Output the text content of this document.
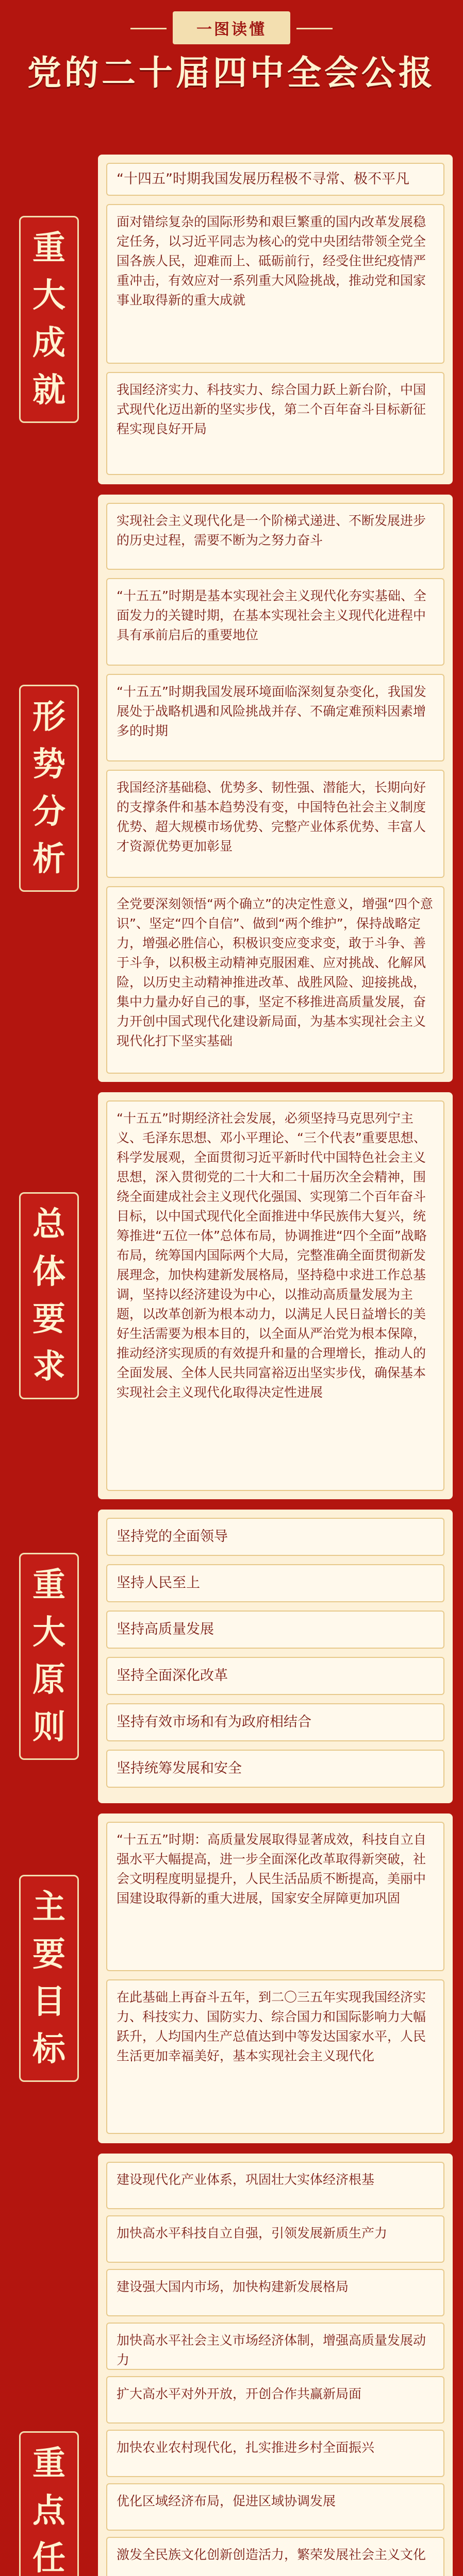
一图读懂
党的二十届四中全会公报
重
大
成
就
“十四五”时期我国发展历程极不寻常、极不平凡
面对错综复杂的国际形势和艰巨繁重的国内改革发展稳定任务，以习近平同志为核心的党中央团结带领全党全国各族人民，迎难而上、砥砺前行，经受住世纪疫情严重冲击，有效应对一系列重大风险挑战，推动党和国家事业取得新的重大成就
我国经济实力、科技实力、综合国力跃上新台阶，中国式现代化迈出新的坚实步伐，第二个百年奋斗目标新征程实现良好开局
形
势
分
析
实现社会主义现代化是一个阶梯式递进、不断发展进步的历史过程，需要不断为之努力奋斗
“十五五”时期是基本实现社会主义现代化夯实基础、全面发力的关键时期，在基本实现社会主义现代化进程中具有承前启后的重要地位
“十五五”时期我国发展环境面临深刻复杂变化，我国发展处于战略机遇和风险挑战并存、不确定难预料因素增多的时期
我国经济基础稳、优势多、韧性强、潜能大，长期向好的支撑条件和基本趋势没有变，中国特色社会主义制度优势、超大规模市场优势、完整产业体系优势、丰富人才资源优势更加彰显
全党要深刻领悟“两个确立”的决定性意义，增强“四个意识”、坚定“四个自信”、做到“两个维护”，保持战略定力，增强必胜信心，积极识变应变求变，敢于斗争、善于斗争，以积极主动精神克服困难、应对挑战、化解风险，以历史主动精神推进改革、战胜风险、迎接挑战，集中力量办好自己的事，坚定不移推进高质量发展，奋力开创中国式现代化建设新局面，为基本实现社会主义现代化打下坚实基础
总
体
要
求
“十五五”时期经济社会发展，必须坚持马克思列宁主义、毛泽东思想、邓小平理论、“三个代表”重要思想、科学发展观，全面贯彻习近平新时代中国特色社会主义思想，深入贯彻党的二十大和二十届历次全会精神，围绕全面建成社会主义现代化强国、实现第二个百年奋斗目标，以中国式现代化全面推进中华民族伟大复兴，统筹推进“五位一体”总体布局，协调推进“四个全面”战略布局，统筹国内国际两个大局，完整准确全面贯彻新发展理念，加快构建新发展格局，坚持稳中求进工作总基调，坚持以经济建设为中心，以推动高质量发展为主题，以改革创新为根本动力，以满足人民日益增长的美好生活需要为根本目的，以全面从严治党为根本保障，推动经济实现质的有效提升和量的合理增长，推动人的全面发展、全体人民共同富裕迈出坚实步伐，确保基本实现社会主义现代化取得决定性进展
重
大
原
则
坚持党的全面领导
坚持人民至上
坚持高质量发展
坚持全面深化改革
坚持有效市场和有为政府相结合
坚持统筹发展和安全
主
要
目
标
“十五五”时期：高质量发展取得显著成效，科技自立自强水平大幅提高，进一步全面深化改革取得新突破，社会文明程度明显提升，人民生活品质不断提高，美丽中国建设取得新的重大进展，国家安全屏障更加巩固
在此基础上再奋斗五年，到二〇三五年实现我国经济实力、科技实力、国防实力、综合国力和国际影响力大幅跃升，人均国内生产总值达到中等发达国家水平，人民生活更加幸福美好，基本实现社会主义现代化
重
点
任
建设现代化产业体系，巩固壮大实体经济根基
加快高水平科技自立自强，引领发展新质生产力
建设强大国内市场，加快构建新发展格局
加快高水平社会主义市场经济体制，增强高质量发展动力
扩大高水平对外开放，开创合作共赢新局面
加快农业农村现代化，扎实推进乡村全面振兴
优化区域经济布局，促进区域协调发展
激发全民族文化创新创造活力，繁荣发展社会主义文化
